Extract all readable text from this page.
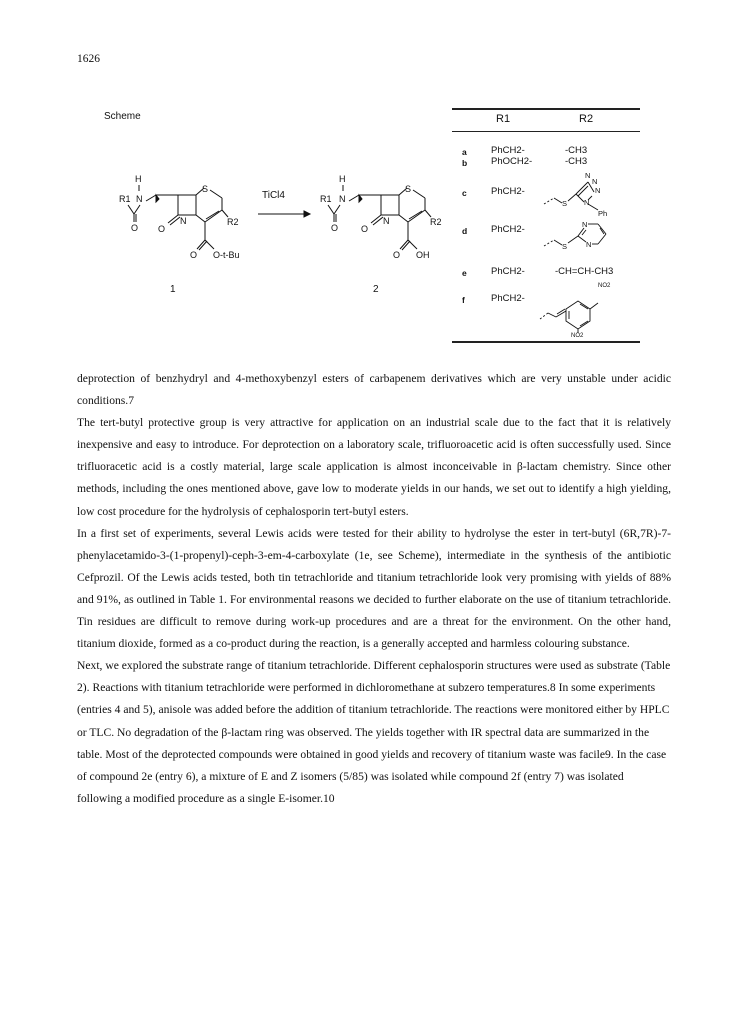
1626
Scheme
H
R1 N
O
S
N
O
R2
O O-t-Bu
1
TiCl4
H
R1 N
O
S
N
O
R2
O OH
2
R1	R2
a	PhCH2-	-CH3
b	PhOCH2-	-CH3
c	PhCH2-
N
N
N
N
S
Ph
d	PhCH2-	N
N
S
e	PhCH2-	-CH=CH-CH3
f	PhCH2-
NO2
NO2

deprotection of benzhydryl and 4-methoxybenzyl esters of carbapenem derivatives which are very unstable under acidic conditions.7

The tert-butyl protective group is very attractive for application on an industrial scale due to the fact that it is relatively inexpensive and easy to introduce. For deprotection on a laboratory scale, trifluoroacetic acid is often successfully used. Since trifluoracetic acid is a costly material, large scale application is almost inconceivable in β-lactam chemistry. Since other methods, including the ones mentioned above, gave low to moderate yields in our hands, we set out to identify a high yielding, low cost procedure for the hydrolysis of cephalosporin tert-butyl esters.

In a first set of experiments, several Lewis acids were tested for their ability to hydrolyse the ester in tert-butyl (6R,7R)-7-phenylacetamido-3-(1-propenyl)-ceph-3-em-4-carboxylate (1e, see Scheme), intermediate in the synthesis of the antibiotic Cefprozil. Of the Lewis acids tested, both tin tetrachloride and titanium tetrachloride look very promising with yields of 88% and 91%, as outlined in Table 1. For environmental reasons we decided to further elaborate on the use of titanium tetrachloride. Tin residues are difficult to remove during work-up procedures and are a threat for the environment. On the other hand, titanium dioxide, formed as a co-product during the reaction, is a generally accepted and harmless colouring substance.

Next, we explored the substrate range of titanium tetrachloride. Different cephalosporin structures were used as substrate (Table 2). Reactions with titanium tetrachloride were performed in dichloromethane at subzero temperatures.8 In some experiments (entries 4 and 5), anisole was added before the addition of titanium tetrachloride. The reactions were monitored either by HPLC or TLC. No degradation of the β-lactam ring was observed. The yields together with IR spectral data are summarized in the table. Most of the deprotected compounds were obtained in good yields and recovery of titanium waste was facile9. In the case of compound 2e (entry 6), a mixture of E and Z isomers (5/85) was isolated while compound 2f (entry 7) was isolated following a modified procedure as a single E-isomer.10
